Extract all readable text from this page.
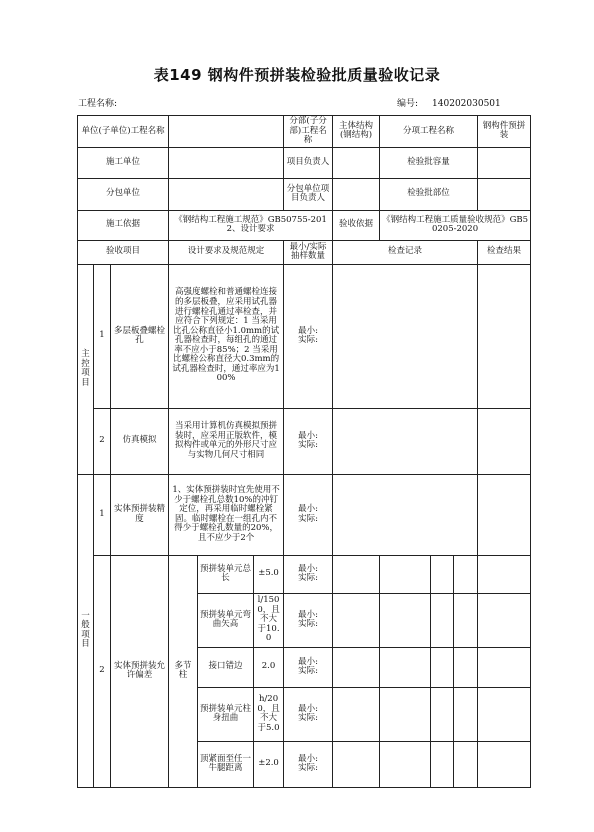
表149 钢构件预拼装检验批质量验收记录
工程名称:	编号: 140202030501
单位(子单位)工程名称						分部(子分部)工程名称	主体结构(钢结构)	分项工程名称			钢构件预拼装
施工单位						项目负责人		检验批容量			
分包单位						分包单位项目负责人		检验批部位			
施工依据			《钢结构工程施工规范》GB50755-2012、设计要求				验收依据	《钢结构工程施工质量验收规范》GB50205-2020			
验收项目			设计要求及规范规定			最小/实际抽样数量	检查记录				检查结果
主控项目	1	多层板叠螺栓孔	高强度螺栓和普通螺栓连接的多层板叠，应采用试孔器进行螺栓孔通过率检查，并应符合下列规定：1 当采用比孔公称直径小1.0mm的试孔器检查时，每组孔的通过率不应小于85%；2 当采用比螺栓公称直径大0.3mm的试孔器检查时，通过率应为100%			最小:
实际:					
	2	仿真模拟	当采用计算机仿真模拟预拼装时，应采用正版软件，模拟构件或单元的外形尺寸应与实物几何尺寸相同			最小:
实际:					
一般项目	1	实体预拼装精度	1、实体预拼装时宜先使用不少于螺栓孔总数10%的冲钉定位，再采用临时螺栓紧固。临时螺栓在一组孔内不得少于螺栓孔数量的20%，且不应少于2个			最小:
实际:					
	2	实体预拼装允许偏差	多节柱	预拼装单元总长	±5.0	最小:
实际:					
				预拼装单元弯曲矢高	l/1500，且不大于10.0	最小:
实际:					
				接口错边	2.0	最小:
实际:					
				预拼装单元柱身扭曲	h/200，且不大于5.0	最小:
实际:					
				顶紧面至任一牛腿距离	±2.0	最小:
实际:					
